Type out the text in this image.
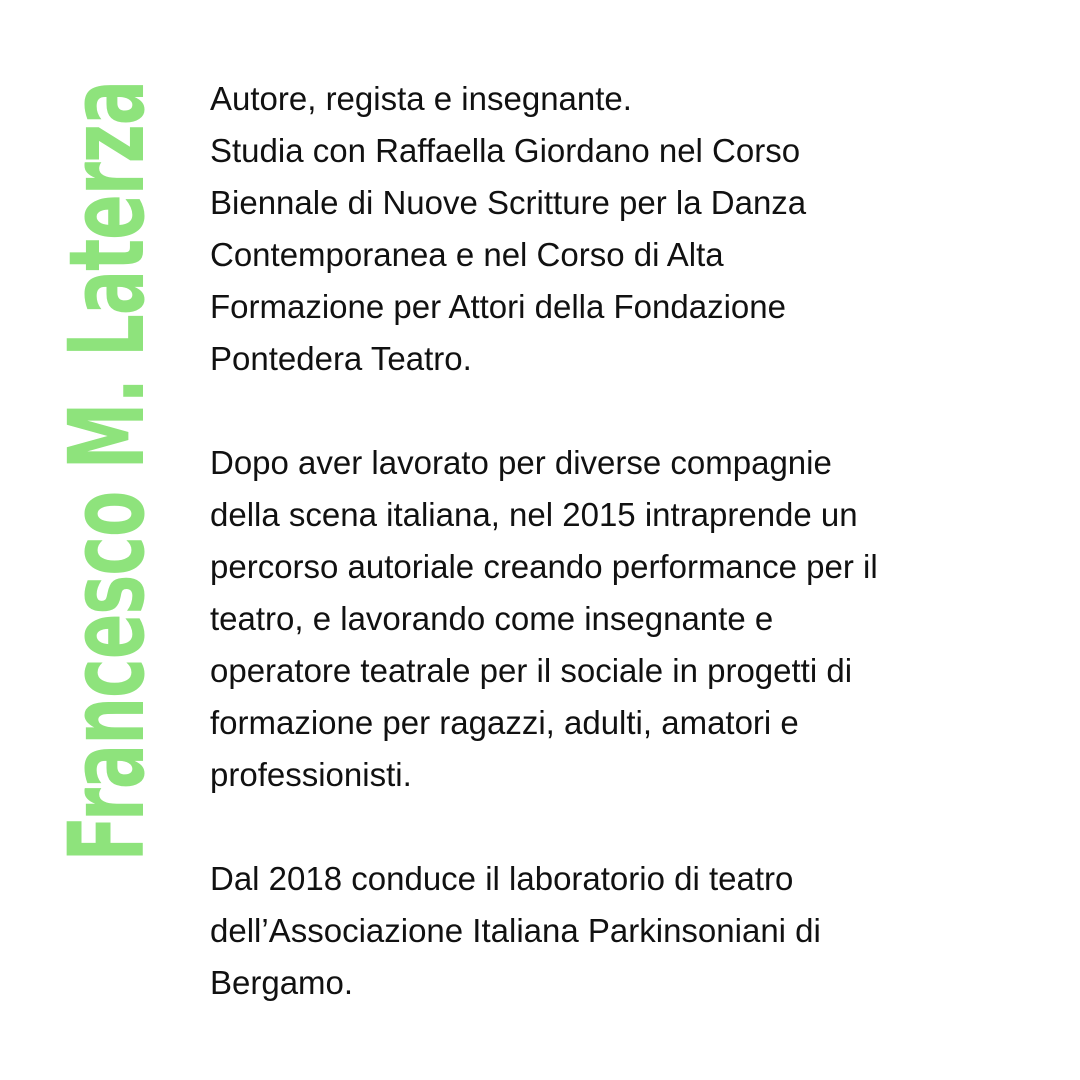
Francesco M. Laterza Autore, regista e insegnante.
Studia con Raffaella Giordano nel Corso
Biennale di Nuove Scritture per la Danza
Contemporanea e nel Corso di Alta
Formazione per Attori della Fondazione
Pontedera Teatro.
Dopo aver lavorato per diverse compagnie
della scena italiana, nel 2015 intraprende un
percorso autoriale creando performance per il
teatro, e lavorando come insegnante e
operatore teatrale per il sociale in progetti di
formazione per ragazzi, adulti, amatori e
professionisti.
Dal 2018 conduce il laboratorio di teatro
dell’Associazione Italiana Parkinsoniani di
Bergamo.
